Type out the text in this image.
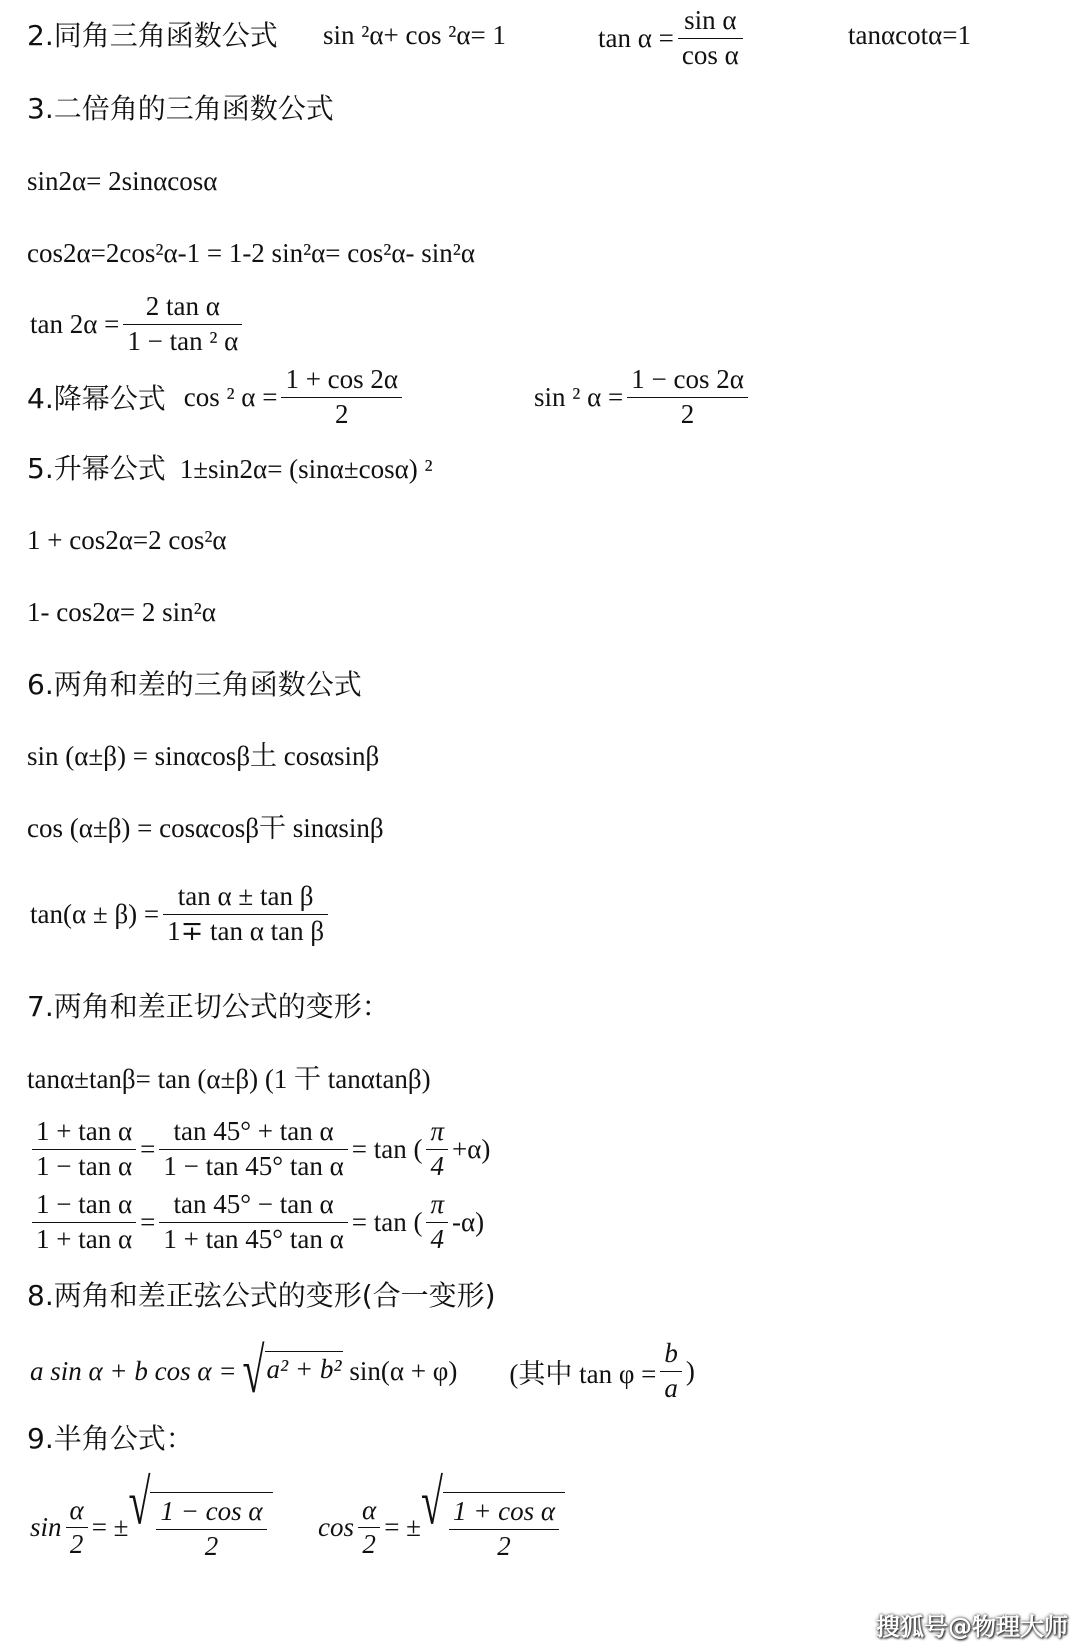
2.同角三角函数公式 sin ²α+ cos ²α= 1	$\tan \alpha = \frac{\text{sin α}}{\text{cos α}}$	tanαcotα=1
3.二倍角的三角函数公式
sin2α= 2sinαcosα
cos2α=2cos²α-1 = 1-2 sin²α= cos²α- sin²α
$\tan 2\alpha = \frac{\text{2 tan α}}{\text{1 − tan ² α}}$
4.降幂公式 cos ² $\alpha = \frac{1 + \cos 2\alpha}{2}$	sin ² $\alpha = \frac{1 - \cos 2\alpha}{2}$
5.升幂公式 1±sin2α= (sinα±cosα) ²
1 + cos2α=2 cos²α
1- cos2α= 2 sin²α
6.两角和差的三角函数公式
sin (α±β) = sinαcosβ土 cosαsinβ
cos (α±β) = cosαcosβ干 sinαsinβ
$\tan(\alpha \pm \beta) = \frac{\text{tan α ± tan β}}{\text{1∓ tan α tan β}}$
7.两角和差正切公式的变形：
tanα±tanβ= tan (α±β) (1 干 tanαtanβ)
$\frac{\text{1 + tan α}}{\text{1 − tan α}} = \frac{\text{tan 45° + tan α}}{\text{1 − tan 45° tan α}} = \tan$ ( $\frac{\pi}{4} +\alpha$)
$\frac{\text{1 − tan α}}{\text{1 + tan α}} = \frac{\text{tan 45° − tan α}}{\text{1 + tan 45° tan α}} = \tan$ ( $\frac{\pi}{4} -\alpha$)
8.两角和差正弦公式的变形(合一变形)
a sin α + b cos α = √ a² + b² sin(α + φ) (其中 $\tan \varphi = \frac{b}{a}$ )
9.半角公式：
$\sin \frac{\alpha}{2}$ = ± √ $\frac{\text{1 − cos α}}{2}$ $\cos \frac{\alpha}{2}$ = ± √ $\frac{\text{1 + cos α}}{2}$
搜狐号@物理大师
